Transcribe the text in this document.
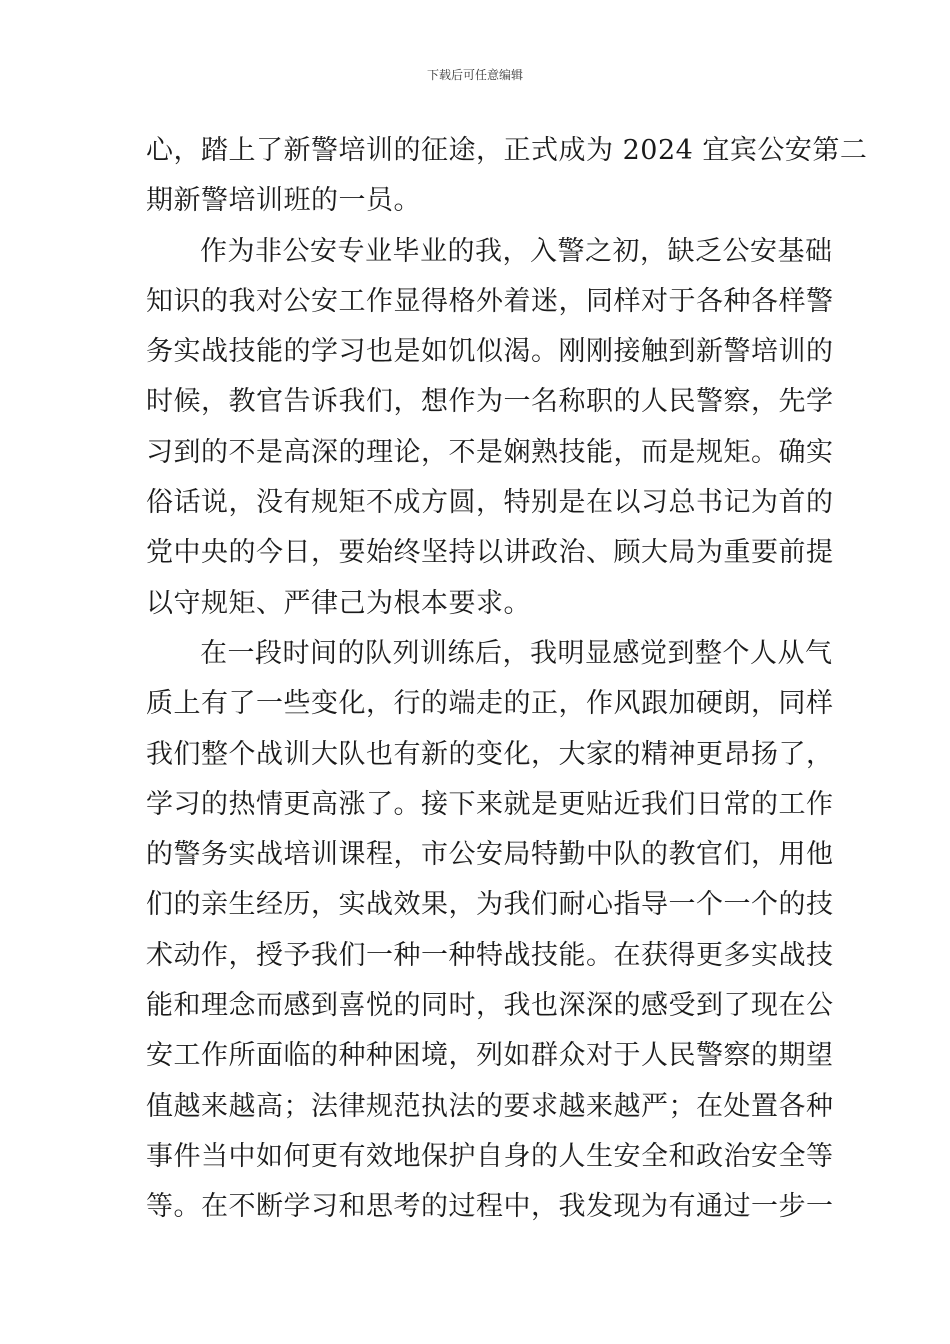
下载后可任意编辑
心，踏上了新警培训的征途，正式成为 2024 宜宾公安第二
期新警培训班的一员。
作为非公安专业毕业的我，入警之初，缺乏公安基础
知识的我对公安工作显得格外着迷，同样对于各种各样警
务实战技能的学习也是如饥似渴。刚刚接触到新警培训的
时候，教官告诉我们，想作为一名称职的人民警察，先学
习到的不是高深的理论，不是娴熟技能，而是规矩。确实
俗话说，没有规矩不成方圆，特别是在以习总书记为首的
党中央的今日，要始终坚持以讲政治、顾大局为重要前提
以守规矩、严律己为根本要求。
在一段时间的队列训练后，我明显感觉到整个人从气
质上有了一些变化，行的端走的正，作风跟加硬朗，同样
我们整个战训大队也有新的变化，大家的精神更昂扬了，
学习的热情更高涨了。接下来就是更贴近我们日常的工作
的警务实战培训课程，市公安局特勤中队的教官们，用他
们的亲生经历，实战效果，为我们耐心指导一个一个的技
术动作，授予我们一种一种特战技能。在获得更多实战技
能和理念而感到喜悦的同时，我也深深的感受到了现在公
安工作所面临的种种困境，列如群众对于人民警察的期望
值越来越高；法律规范执法的要求越来越严；在处置各种
事件当中如何更有效地保护自身的人生安全和政治安全等
等。在不断学习和思考的过程中，我发现为有通过一步一
